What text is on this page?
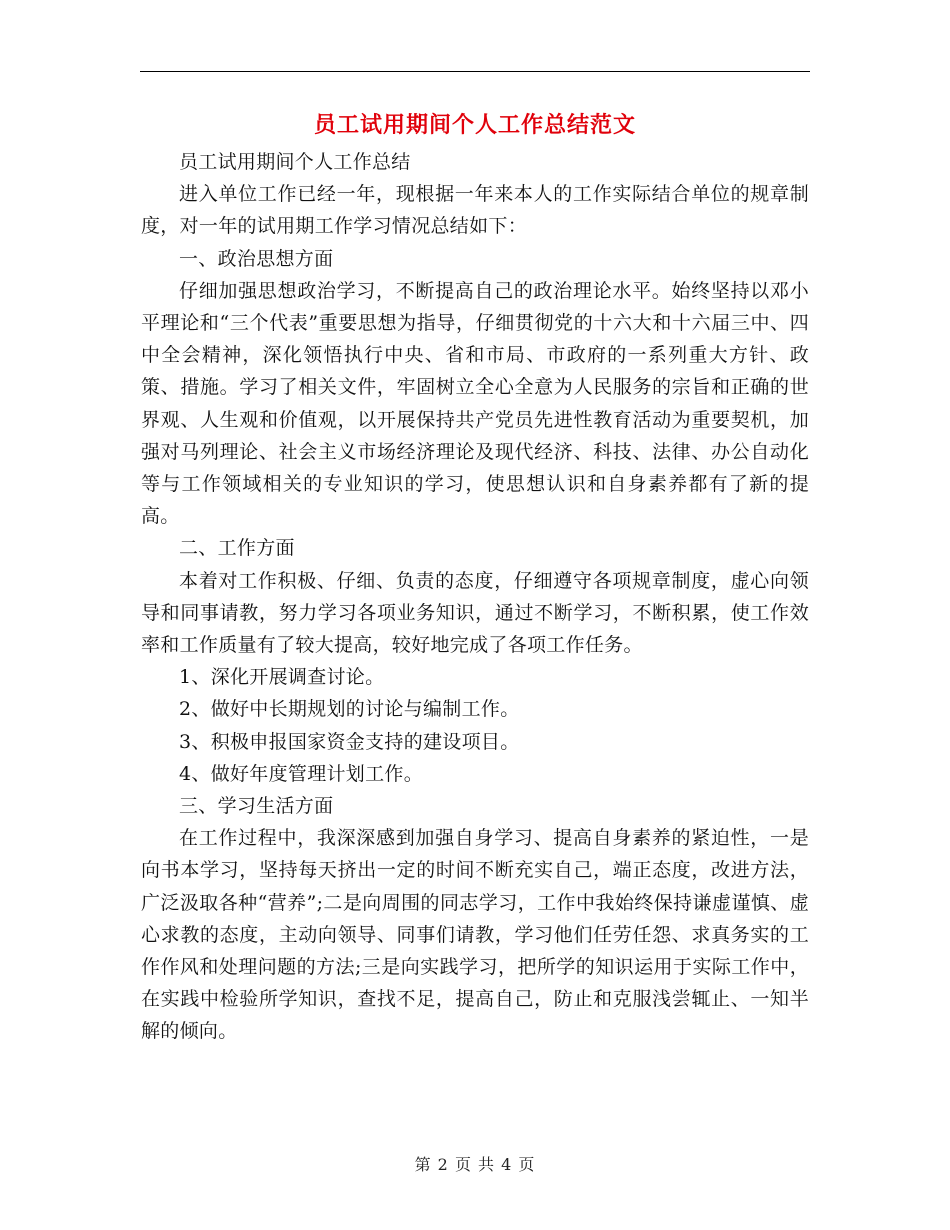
员工试用期间个人工作总结范文

员工试用期间个人工作总结

进入单位工作已经一年，现根据一年来本人的工作实际结合单位的规章制度，对一年的试用期工作学习情况总结如下：

一、政治思想方面

仔细加强思想政治学习，不断提高自己的政治理论水平。始终坚持以邓小平理论和“三个代表”重要思想为指导，仔细贯彻党的十六大和十六届三中、四中全会精神，深化领悟执行中央、省和市局、市政府的一系列重大方针、政策、措施。学习了相关文件，牢固树立全心全意为人民服务的宗旨和正确的世界观、人生观和价值观，以开展保持共产党员先进性教育活动为重要契机，加强对马列理论、社会主义市场经济理论及现代经济、科技、法律、办公自动化等与工作领域相关的专业知识的学习，使思想认识和自身素养都有了新的提高。

二、工作方面

本着对工作积极、仔细、负责的态度，仔细遵守各项规章制度，虚心向领导和同事请教，努力学习各项业务知识，通过不断学习，不断积累，使工作效率和工作质量有了较大提高，较好地完成了各项工作任务。

1、深化开展调查讨论。

2、做好中长期规划的讨论与编制工作。

3、积极申报国家资金支持的建设项目。

4、做好年度管理计划工作。

三、学习生活方面

在工作过程中，我深深感到加强自身学习、提高自身素养的紧迫性，一是向书本学习，坚持每天挤出一定的时间不断充实自己，端正态度，改进方法，广泛汲取各种“营养”;二是向周围的同志学习，工作中我始终保持谦虚谨慎、虚心求教的态度，主动向领导、同事们请教，学习他们任劳任怨、求真务实的工作作风和处理问题的方法;三是向实践学习，把所学的知识运用于实际工作中，在实践中检验所学知识，查找不足，提高自己，防止和克服浅尝辄止、一知半解的倾向。

第 2 页 共 4 页
